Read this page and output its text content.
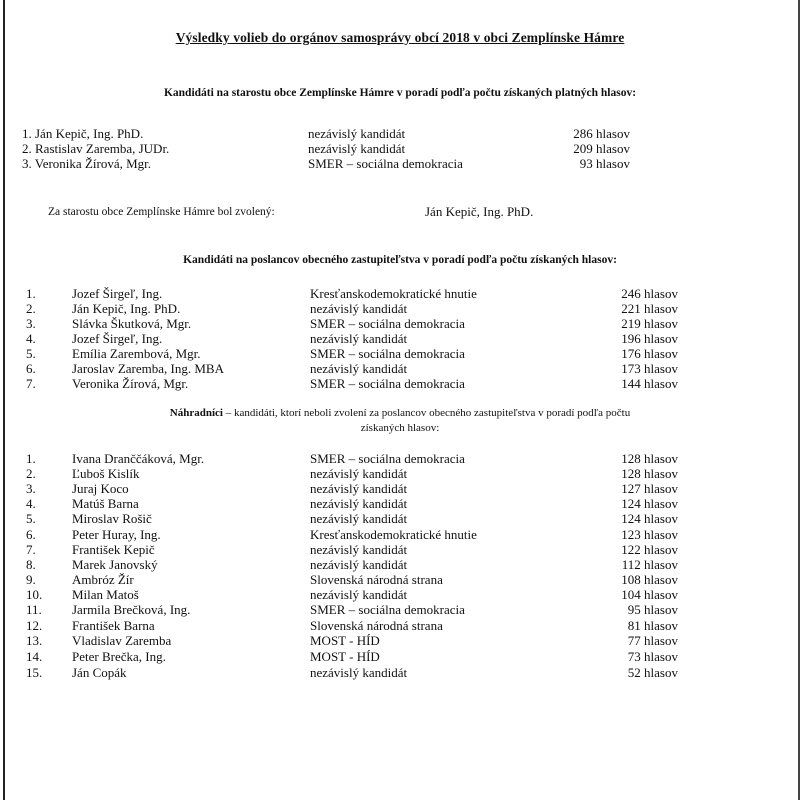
Výsledky volieb do orgánov samosprávy obcí 2018 v obci Zemplínske Hámre
Kandidáti na starostu obce Zemplínske Hámre v poradí podľa počtu získaných platných hlasov:
1. Ján Kepič, Ing. PhD.	nezávislý kandidát	286 hlasov
2. Rastislav Zaremba, JUDr.	nezávislý kandidát	209 hlasov
3. Veronika Žírová, Mgr.	SMER – sociálna demokracia	93 hlasov
Za starostu obce Zemplínske Hámre bol zvolený:	Ján Kepič, Ing. PhD.
Kandidáti na poslancov obecného zastupiteľstva v poradí podľa počtu získaných hlasov:
1.	Jozef Širgeľ, Ing.	Kresťanskodemokratické hnutie	246 hlasov
2.	Ján Kepič, Ing. PhD.	nezávislý kandidát	221 hlasov
3.	Slávka Škutková, Mgr.	SMER – sociálna demokracia	219 hlasov
4.	Jozef Širgeľ, Ing.	nezávislý kandidát	196 hlasov
5.	Emília Zarembová, Mgr.	SMER – sociálna demokracia	176 hlasov
6.	Jaroslav Zaremba, Ing. MBA	nezávislý kandidát	173 hlasov
7.	Veronika Žírová, Mgr.	SMER – sociálna demokracia	144 hlasov
Náhradníci – kandidáti, ktorí neboli zvolení za poslancov obecného zastupiteľstva v poradí podľa počtu
získaných hlasov:
1.	Ivana Dranččáková, Mgr.	SMER – sociálna demokracia	128 hlasov
2.	Ľuboš Kislík	nezávislý kandidát	128 hlasov
3.	Juraj Koco	nezávislý kandidát	127 hlasov
4.	Matúš Barna	nezávislý kandidát	124 hlasov
5.	Miroslav Rošič	nezávislý kandidát	124 hlasov
6.	Peter Huray, Ing.	Kresťanskodemokratické hnutie	123 hlasov
7.	František Kepič	nezávislý kandidát	122 hlasov
8.	Marek Janovský	nezávislý kandidát	112 hlasov
9.	Ambróz Žír	Slovenská národná strana	108 hlasov
10. Milan Matoš	nezávislý kandidát	104 hlasov
11. Jarmila Brečková, Ing.	SMER – sociálna demokracia	95 hlasov
12. František Barna	Slovenská národná strana	81 hlasov
13. Vladislav Zaremba	MOST - HÍD	77 hlasov
14. Peter Brečka, Ing.	MOST - HÍD	73 hlasov
15. Ján Copák	nezávislý kandidát	52 hlasov
